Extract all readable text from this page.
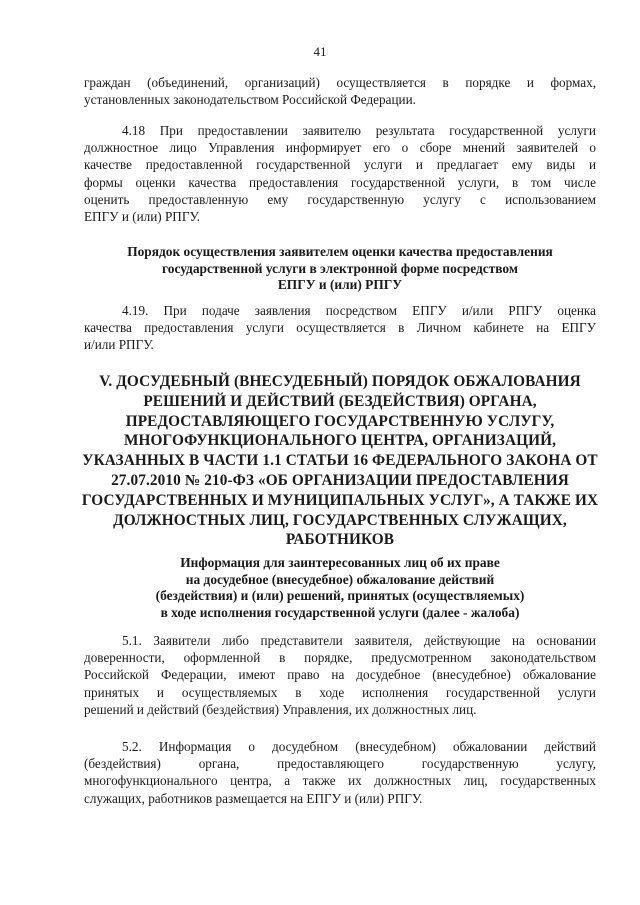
41
граждан (объединений, организаций) осуществляется в порядке и формах,
установленных законодательством Российской Федерации.
4.18 При предоставлении заявителю результата государственной услуги
должностное лицо Управления информирует его о сборе мнений заявителей о
качестве предоставленной государственной услуги и предлагает ему виды и
формы оценки качества предоставления государственной услуги, в том числе
оценить предоставленную ему государственную услугу с использованием
ЕПГУ и (или) РПГУ.
Порядок осуществления заявителем оценки качества предоставления
государственной услуги в электронной форме посредством
ЕПГУ и (или) РПГУ
4.19. При подаче заявления посредством ЕПГУ и/или РПГУ оценка
качества предоставления услуги осуществляется в Личном кабинете на ЕПГУ
и/или РПГУ.
V. ДОСУДЕБНЫЙ (ВНЕСУДЕБНЫЙ) ПОРЯДОК ОБЖАЛОВАНИЯ
РЕШЕНИЙ И ДЕЙСТВИЙ (БЕЗДЕЙСТВИЯ) ОРГАНА,
ПРЕДОСТАВЛЯЮЩЕГО ГОСУДАРСТВЕННУЮ УСЛУГУ,
МНОГОФУНКЦИОНАЛЬНОГО ЦЕНТРА, ОРГАНИЗАЦИЙ,
УКАЗАННЫХ В ЧАСТИ 1.1 СТАТЬИ 16 ФЕДЕРАЛЬНОГО ЗАКОНА ОТ
27.07.2010 № 210-ФЗ «ОБ ОРГАНИЗАЦИИ ПРЕДОСТАВЛЕНИЯ
ГОСУДАРСТВЕННЫХ И МУНИЦИПАЛЬНЫХ УСЛУГ», А ТАКЖЕ ИХ
ДОЛЖНОСТНЫХ ЛИЦ, ГОСУДАРСТВЕННЫХ СЛУЖАЩИХ,
РАБОТНИКОВ
Информация для заинтересованных лиц об их праве
на досудебное (внесудебное) обжалование действий
(бездействия) и (или) решений, принятых (осуществляемых)
в ходе исполнения государственной услуги (далее - жалоба)
5.1. Заявители либо представители заявителя, действующие на основании
доверенности, оформленной в порядке, предусмотренном законодательством
Российской Федерации, имеют право на досудебное (внесудебное) обжалование
принятых и осуществляемых в ходе исполнения государственной услуги
решений и действий (бездействия) Управления, их должностных лиц.
5.2. Информация о досудебном (внесудебном) обжаловании действий
(бездействия) органа, предоставляющего государственную услугу,
многофункционального центра, а также их должностных лиц, государственных
служащих, работников размещается на ЕПГУ и (или) РПГУ.
